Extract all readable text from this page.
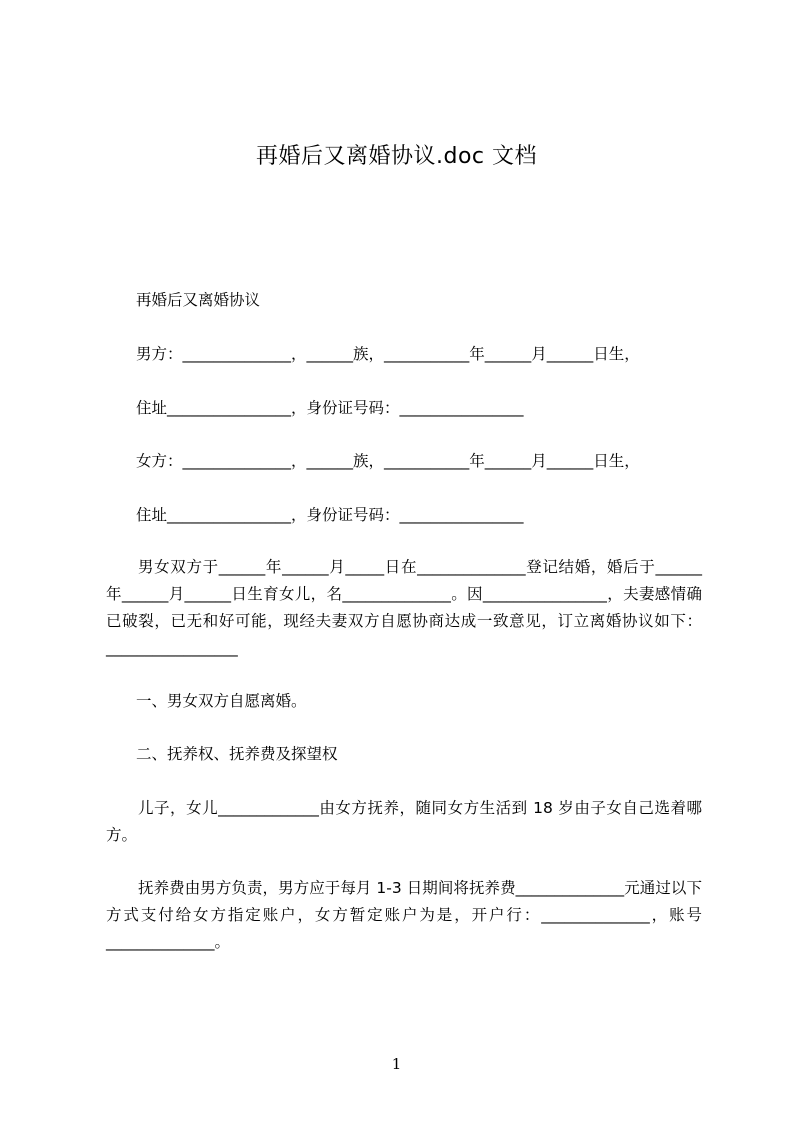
再婚后又离婚协议.doc 文档
再婚后又离婚协议
男方：______________，______族，___________年______月______日生，
住址________________，身份证号码：________________
女方：______________，______族，___________年______月______日生，
住址________________，身份证号码：________________
男女双方于______年______月_____日在______________登记结婚，婚后于______年______月______日生育女儿，名______________。因________________，夫妻感情确已破裂，已无和好可能，现经夫妻双方自愿协商达成一致意见，订立离婚协议如下：_________________
一、男女双方自愿离婚。
二、抚养权、抚养费及探望权
儿子，女儿_____________由女方抚养，随同女方生活到 18 岁由子女自己选着哪方。
抚养费由男方负责，男方应于每月 1-3 日期间将抚养费______________元通过以下方式支付给女方指定账户，女方暂定账户为是，开户行：______________，账号______________。
1
